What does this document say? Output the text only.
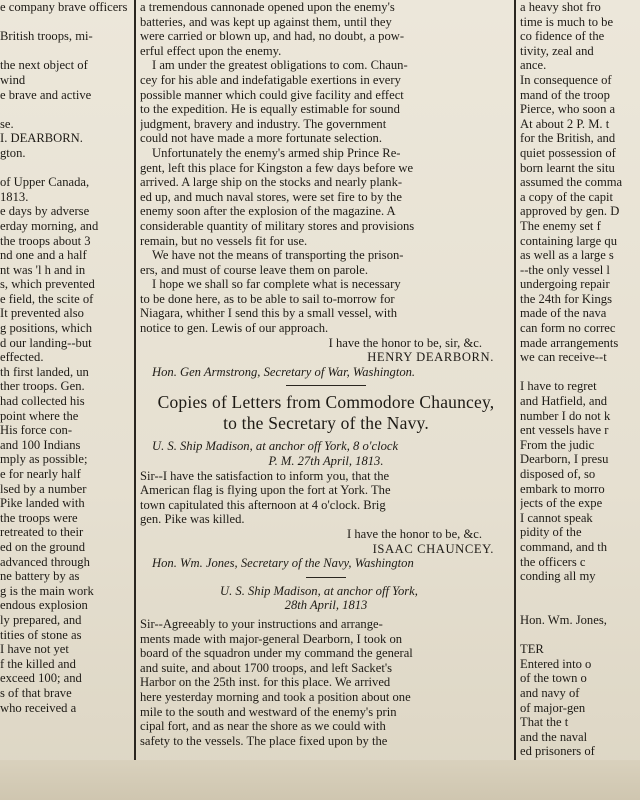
e company brave officers

British troops, mi-

the next object of

wind

e brave and active

se.

I. DEARBORN.

gton.

of Upper Canada,

1813.

e days by adverse

erday morning, and

the troops about 3

nd one and a half

nt was 'l h and in

s, which prevented

e field, the scite of

It prevented also

g positions, which

d our landing--but

effected.

th first landed, un

ther troops. Gen.

had collected his

point where the

His force con-

and 100 Indians

mply as possible;

e for nearly half

lsed by a number

Pike landed with

the troops were

retreated to their

ed on the ground

advanced through

ne battery by as

g is the main work

endous explosion

ly prepared, and

tities of stone as

I have not yet

f the killed and

exceed 100; and

s of that brave

who received a

a tremendous cannonade opened upon the enemy's

batteries, and was kept up against them, until they

were carried or blown up, and had, no doubt, a pow-

erful effect upon the enemy.

I am under the greatest obligations to com. Chaun-

cey for his able and indefatigable exertions in every

possible manner which could give facility and effect

to the expedition. He is equally estimable for sound

judgment, bravery and industry. The government

could not have made a more fortunate selection.

Unfortunately the enemy's armed ship Prince Re-

gent, left this place for Kingston a few days before we

arrived. A large ship on the stocks and nearly plank-

ed up, and much naval stores, were set fire to by the

enemy soon after the explosion of the magazine. A

considerable quantity of military stores and provisions

remain, but no vessels fit for use.

We have not the means of transporting the prison-

ers, and must of course leave them on parole.

I hope we shall so far complete what is necessary

to be done here, as to be able to sail to-morrow for

Niagara, whither I send this by a small vessel, with

notice to gen. Lewis of our approach.

I have the honor to be, sir, &c.

HENRY DEARBORN.

Hon. Gen Armstrong, Secretary of War, Washington.

Copies of Letters from Commodore Chauncey,

to the Secretary of the Navy.

U. S. Ship Madison, at anchor off York, 8 o'clock

P. M. 27th April, 1813.

Sir--I have the satisfaction to inform you, that the

American flag is flying upon the fort at York. The

town capitulated this afternoon at 4 o'clock. Brig

gen. Pike was killed.

I have the honor to be, &c.

ISAAC CHAUNCEY.

Hon. Wm. Jones, Secretary of the Navy, Washington

U. S. Ship Madison, at anchor off York,

28th April, 1813

Sir--Agreeably to your instructions and arrange-

ments made with major-general Dearborn, I took on

board of the squadron under my command the general

and suite, and about 1700 troops, and left Sacket's

Harbor on the 25th inst. for this place. We arrived

here yesterday morning and took a position about one

mile to the south and westward of the enemy's prin

cipal fort, and as near the shore as we could with

safety to the vessels. The place fixed upon by the

a heavy shot fro

time is much to be

co fidence of the

tivity, zeal and

ance.

In consequence of

mand of the troop

Pierce, who soon a

At about 2 P. M. t

for the British, and

quiet possession of

born learnt the situ

assumed the comma

a copy of the capit

approved by gen. D

The enemy set f

containing large qu

as well as a large s

--the only vessel l

undergoing repair

the 24th for Kings

made of the nava

can form no correc

made arrangements

we can receive--t

I have to regret

and Hatfield, and

number I do not k

ent vessels have r

From the judic

Dearborn, I presu

disposed of, so

embark to morro

jects of the expe

I cannot speak

pidity of the

command, and th

the officers c

conding all my

Hon. Wm. Jones,

TER

Entered into o

of the town o

and navy of

of major-gen

That the t

and the naval

ed prisoners of
